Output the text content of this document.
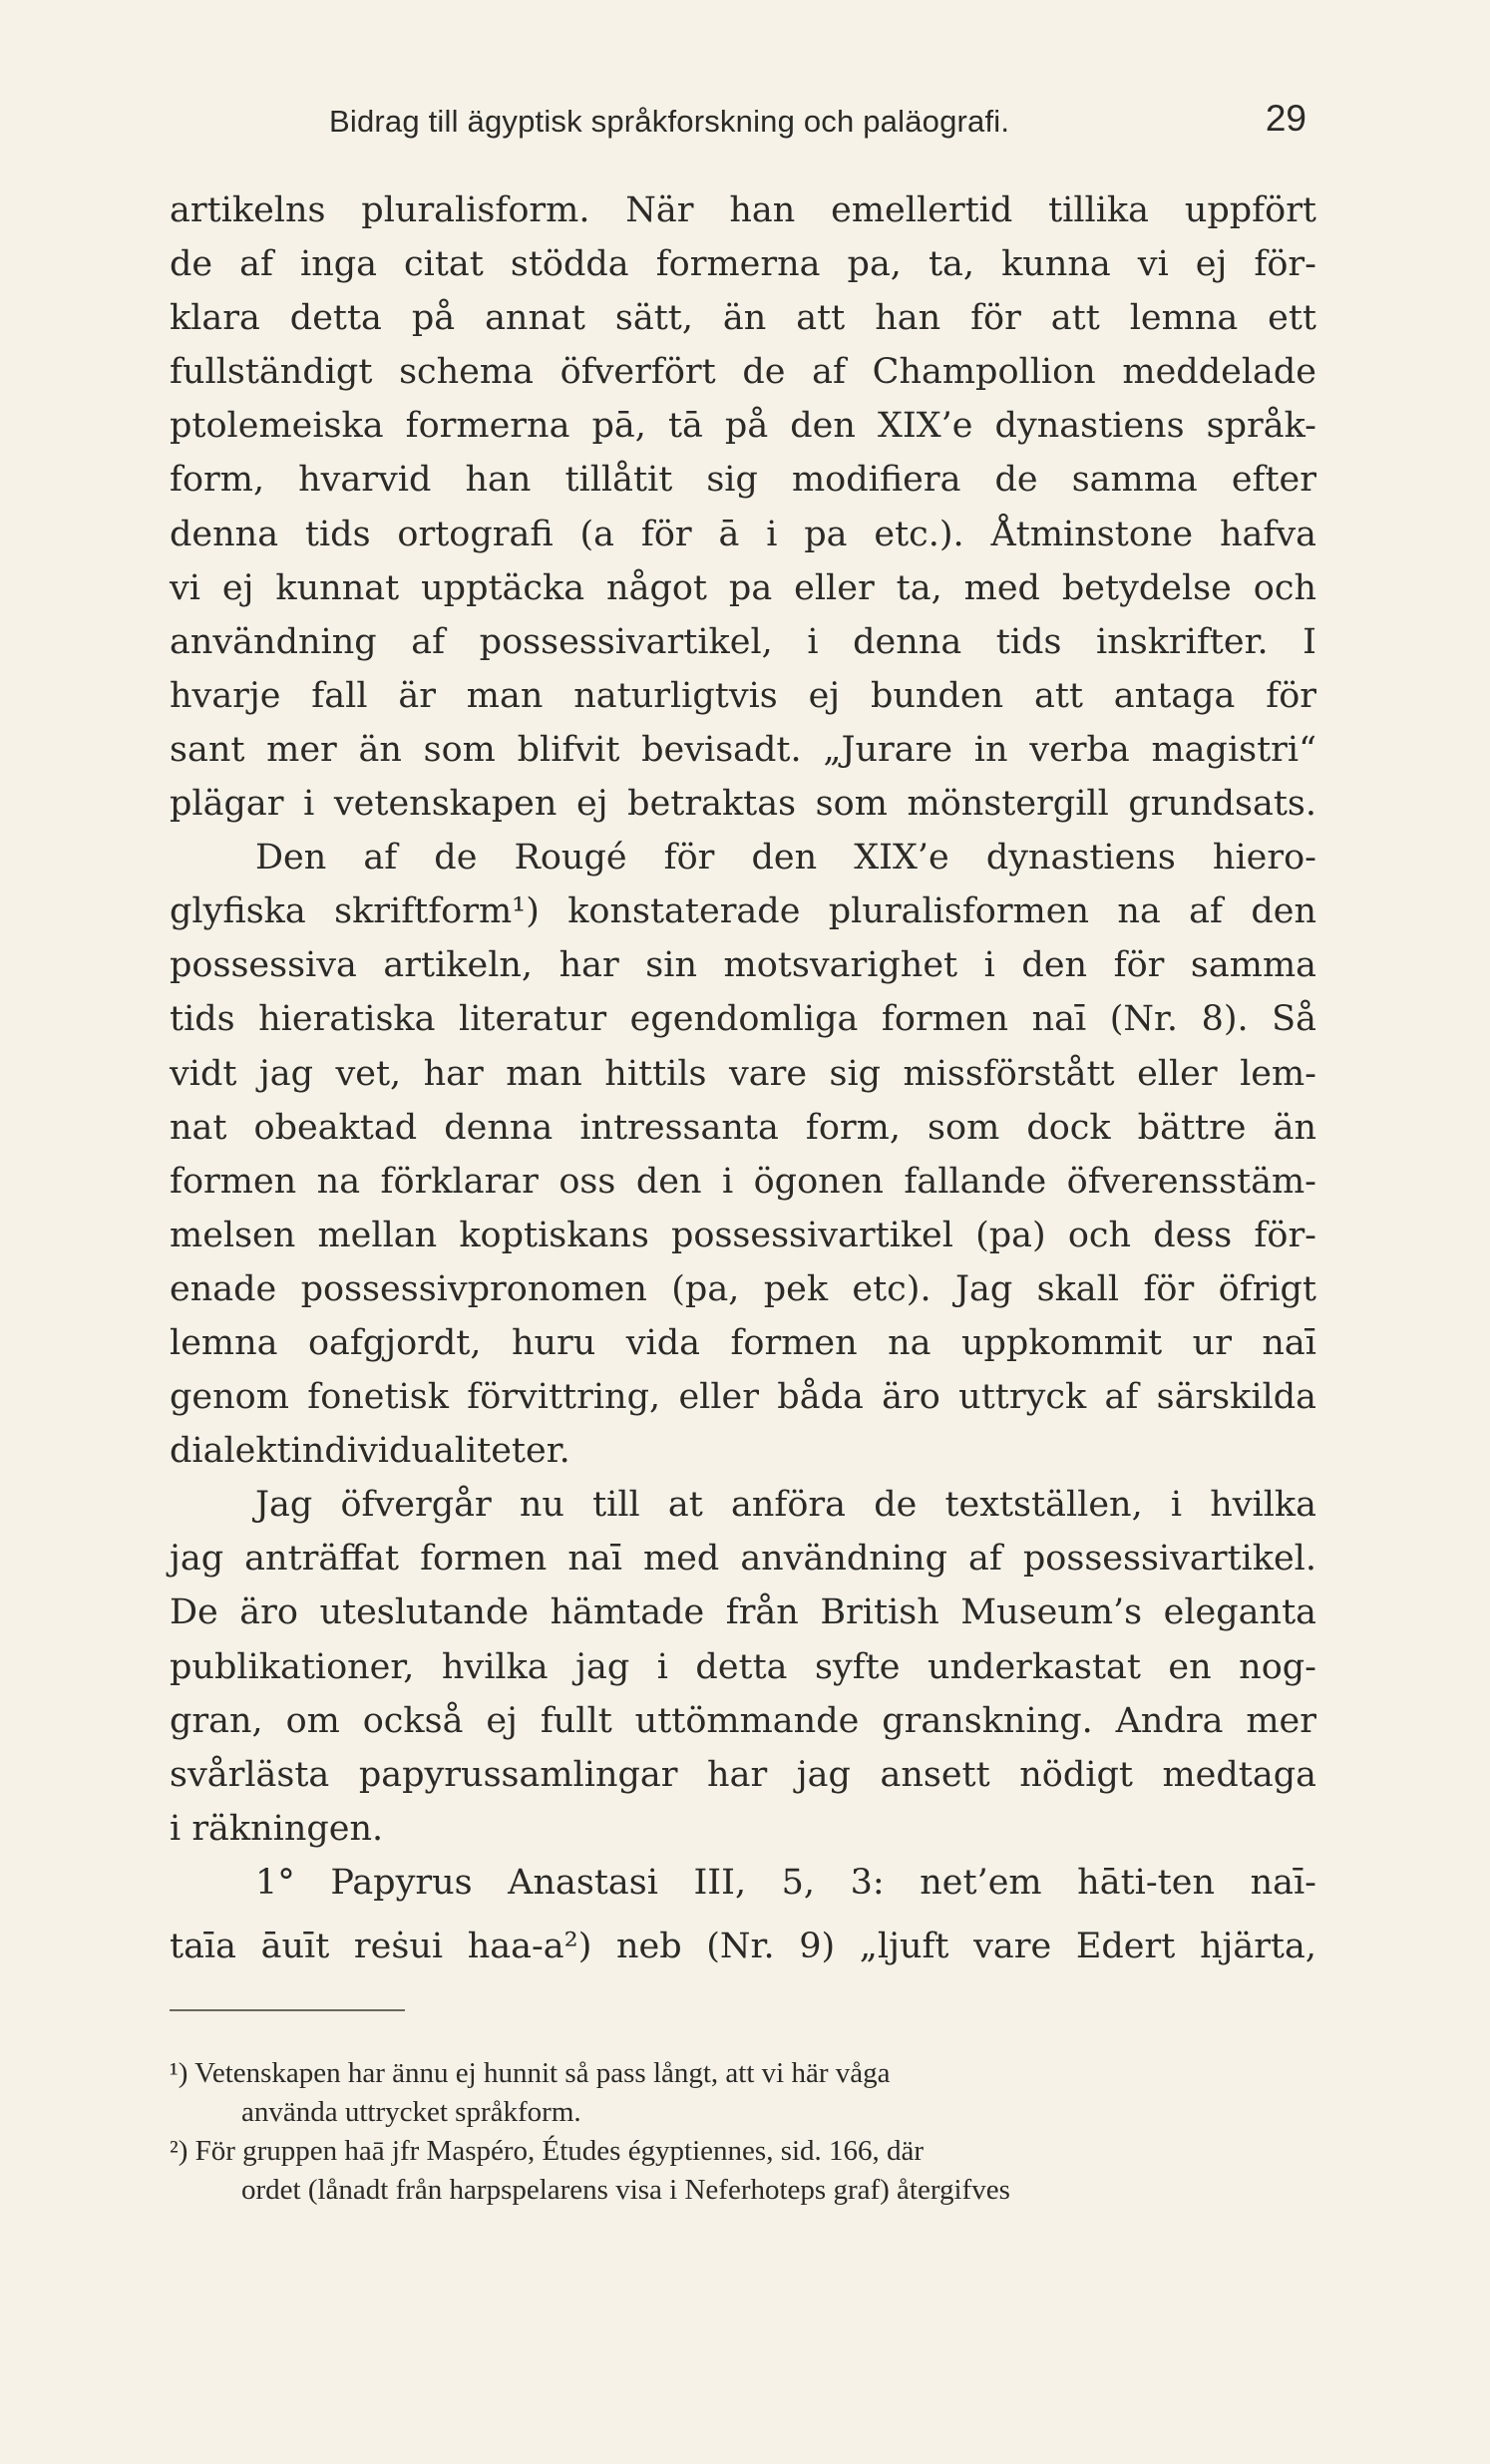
Bidrag till ägyptisk språkforskning och paläografi.	29
artikelns pluralisform. När han emellertid tillika uppfört
de af inga citat stödda formerna pa, ta, kunna vi ej för-
klara detta på annat sätt, än att han för att lemna ett
fullständigt schema öfverfört de af Champollion meddelade
ptolemeiska formerna pā, tā på den XIX’e dynastiens språk-
form, hvarvid han tillåtit sig modifiera de samma efter
denna tids ortografi (a för ā i pa etc.). Åtminstone hafva
vi ej kunnat upptäcka något pa eller ta, med betydelse och
användning af possessivartikel, i denna tids inskrifter. I
hvarje fall är man naturligtvis ej bunden att antaga för
sant mer än som blifvit bevisadt. „Jurare in verba magistri“
plägar i vetenskapen ej betraktas som mönstergill grundsats.
Den af de Rougé för den XIX’e dynastiens hiero-
glyfiska skriftform¹) konstaterade pluralisformen na af den
possessiva artikeln, har sin motsvarighet i den för samma
tids hieratiska literatur egendomliga formen naī (Nr. 8). Så
vidt jag vet, har man hittils vare sig missförstått eller lem-
nat obeaktad denna intressanta form, som dock bättre än
formen na förklarar oss den i ögonen fallande öfverensstäm-
melsen mellan koptiskans possessivartikel (pa) och dess för-
enade possessivpronomen (pa, pek etc). Jag skall för öfrigt
lemna oafgjordt, huru vida formen na uppkommit ur naī
genom fonetisk förvittring, eller båda äro uttryck af särskilda
dialektindividualiteter.
Jag öfvergår nu till at anföra de textställen, i hvilka
jag anträffat formen naī med användning af possessivartikel.
De äro uteslutande hämtade från British Museum’s eleganta
publikationer, hvilka jag i detta syfte underkastat en nog-
gran, om också ej fullt uttömmande granskning. Andra mer
svårlästa papyrussamlingar har jag ansett nödigt medtaga
i räkningen.
1° Papyrus Anastasi III, 5, 3: net’em hāti-ten naī-
taīa āuīt reṡui haa-a²) neb (Nr. 9) „ljuft vare Edert hjärta,
¹) Vetenskapen har ännu ej hunnit så pass långt, att vi här våga
använda uttrycket språkform.
²) För gruppen haā jfr Maspéro, Études égyptiennes, sid. 166, där
ordet (lånadt från harpspelarens visa i Neferhoteps graf) återgifves
